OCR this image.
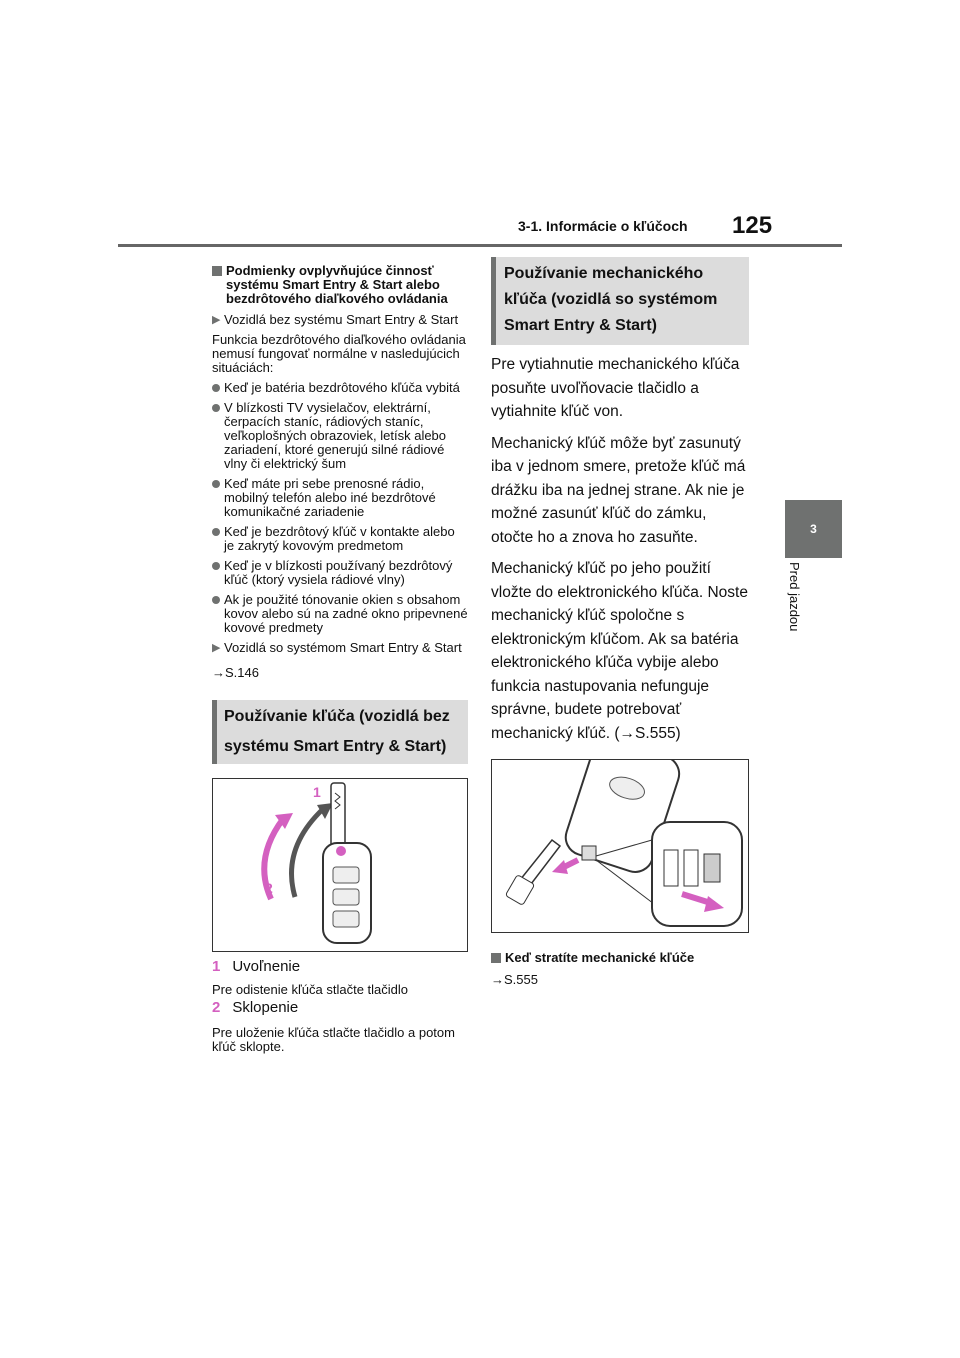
3-1. Informácie o kľúčoch 125
3
Pred jazdou
Podmienky ovplyvňujúce činnosť systému Smart Entry & Start alebo bezdrôtového diaľkového ovládania
▶ Vozidlá bez systému Smart Entry & Start
Funkcia bezdrôtového diaľkového ovládania nemusí fungovať normálne v nasledujúcich situáciách:
Keď je batéria bezdrôtového kľúča vybitá
V blízkosti TV vysielačov, elektrární, čerpacích staníc, rádiových staníc, veľkoplošných obrazoviek, letísk alebo zariadení, ktoré generujú silné rádiové vlny či elektrický šum
Keď máte pri sebe prenosné rádio, mobilný telefón alebo iné bezdrôtové komunikačné zariadenie
Keď je bezdrôtový kľúč v kontakte alebo je zakrytý kovovým predmetom
Keď je v blízkosti používaný bezdrôtový kľúč (ktorý vysiela rádiové vlny)
Ak je použité tónovanie okien s obsahom kovov alebo sú na zadné okno pripevnené kovové predmety
▶ Vozidlá so systémom Smart Entry & Start
→S.146
Používanie kľúča (vozidlá bez systému Smart Entry & Start)
1
2
1 Uvoľnenie
Pre odistenie kľúča stlačte tlačidlo
2 Sklopenie
Pre uloženie kľúča stlačte tlačidlo a potom kľúč sklopte.
Používanie mechanického kľúča (vozidlá so systémom Smart Entry & Start)
Pre vytiahnutie mechanického kľúča posuňte uvoľňovacie tlačidlo a vytiahnite kľúč von.
Mechanický kľúč môže byť zasunutý iba v jednom smere, pretože kľúč má drážku iba na jednej strane. Ak nie je možné zasunúť kľúč do zámku, otočte ho a znova ho zasuňte.
Mechanický kľúč po jeho použití vložte do elektronického kľúča. Noste mechanický kľúč spoločne s elektronickým kľúčom. Ak sa batéria elektronického kľúča vybije alebo funkcia nastupovania nefunguje správne, budete potrebovať mechanický kľúč. (→S.555)
Keď stratíte mechanické kľúče
→S.555
